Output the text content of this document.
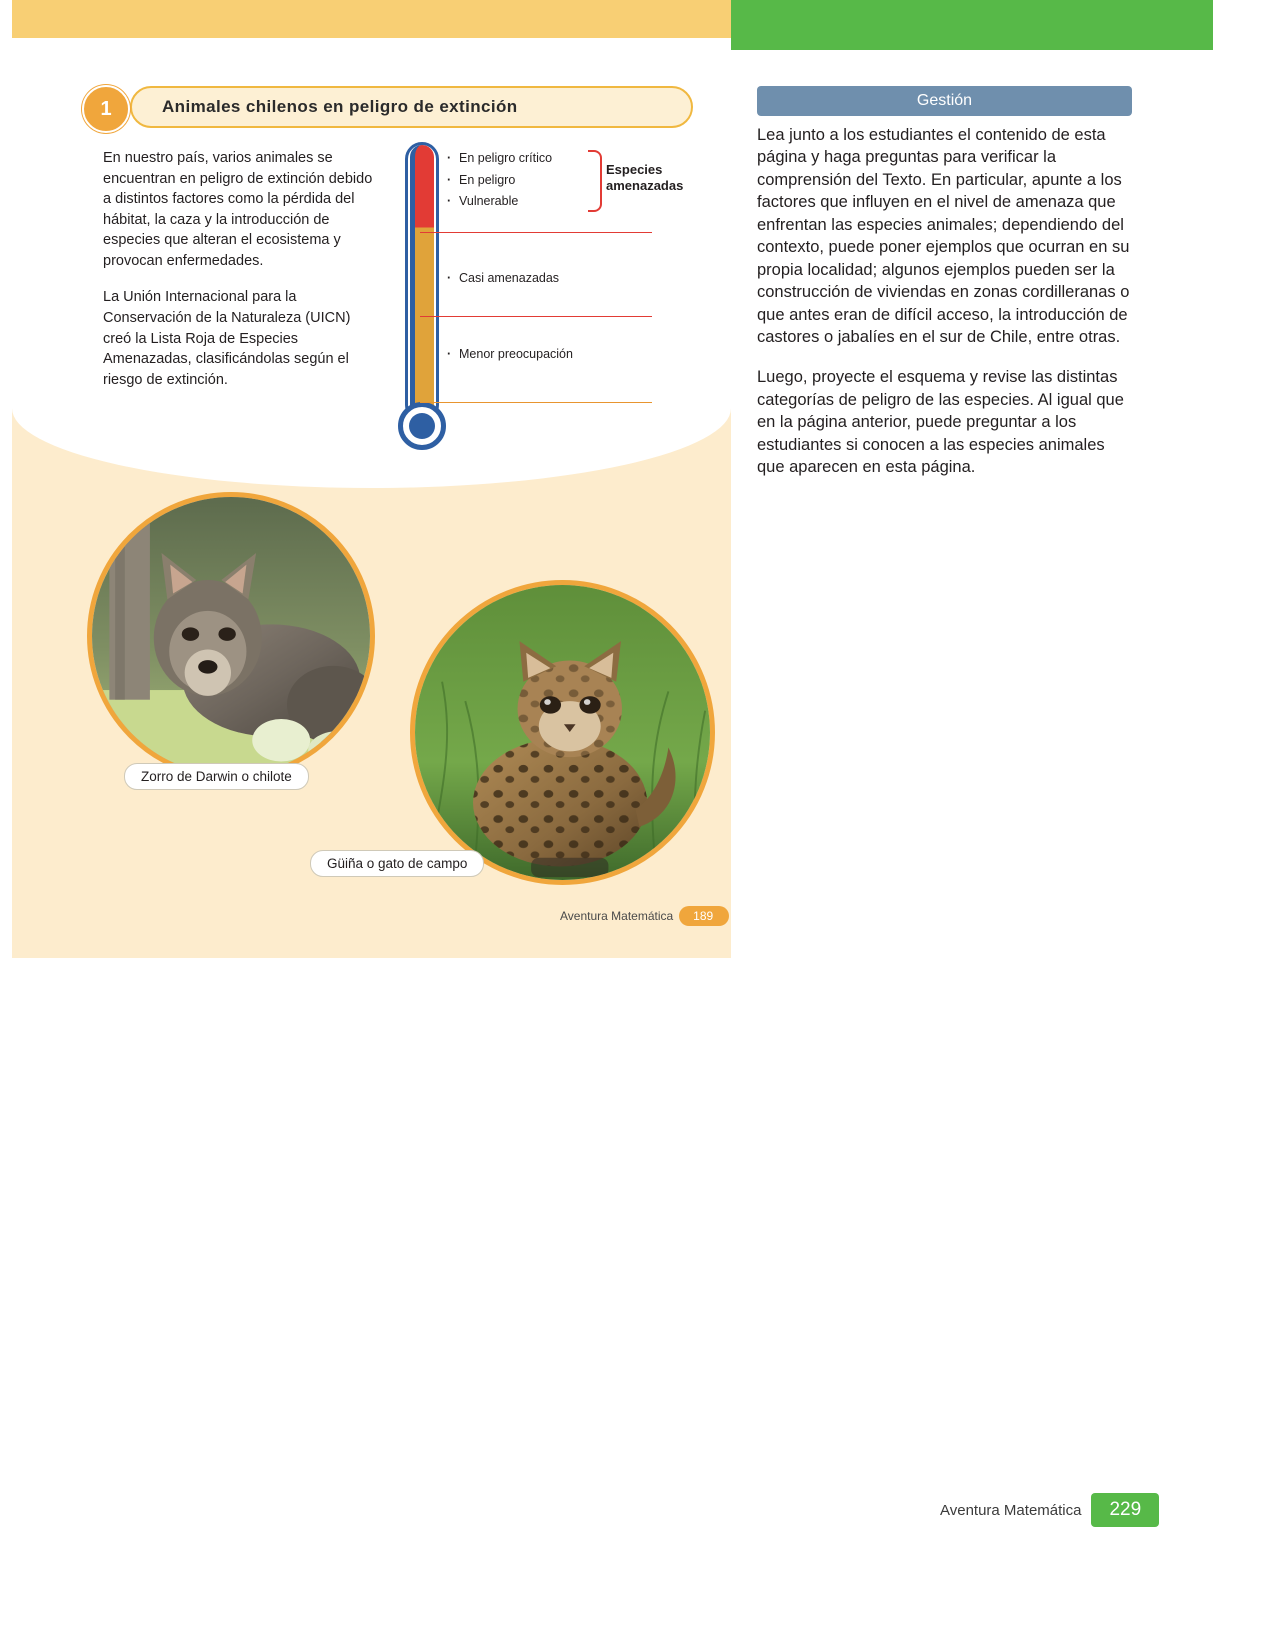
Animales chilenos en peligro de extinción
1

En nuestro país, varios animales se encuentran en peligro de extinción debido a distintos factores como la pérdida del hábitat, la caza y la introducción de especies que alteran el ecosistema y provocan enfermedades.

La Unión Internacional para la Conservación de la Naturaleza (UICN) creó la Lista Roja de Especies Amenazadas, clasificándolas según el riesgo de extinción.

· En peligro crítico
· En peligro
· Vulnerable
Especies amenazadas
· Casi amenazadas
· Menor preocupación
Zorro de Darwin o chilote
Güiña o gato de campo
Aventura Matemática	189
Gestión

Lea junto a los estudiantes el contenido de esta página y haga preguntas para verificar la comprensión del Texto. En particular, apunte a los factores que influyen en el nivel de amenaza que enfrentan las especies animales; dependiendo del contexto, puede poner ejemplos que ocurran en su propia localidad; algunos ejemplos pueden ser la construcción de viviendas en zonas cordilleranas o que antes eran de difícil acceso, la introducción de castores o jabalíes en el sur de Chile, entre otras.

Luego, proyecte el esquema y revise las distintas categorías de peligro de las especies. Al igual que en la página anterior, puede preguntar a los estudiantes si conocen a las especies animales que aparecen en esta página.

Aventura Matemática	229
